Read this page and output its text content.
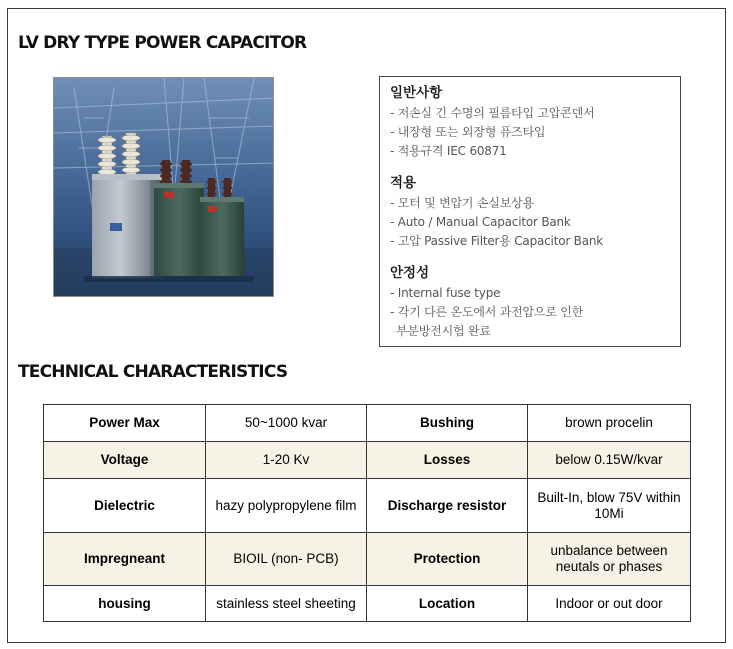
LV DRY TYPE POWER CAPACITOR
일반사항
- 저손실 긴 수명의 필름타입 고압콘덴서
- 내장형 또는 외장형 퓨즈타입
- 적용규격 IEC 60871
적용
- 모터 및 변압기 손실보상용
- Auto / Manual Capacitor Bank
- 고압 Passive Filter용 Capacitor Bank
안정성
- Internal fuse type
- 각기 다른 온도에서 과전압으로 인한
부분방전시험 완료
TECHNICAL CHARACTERISTICS
Power Max	50~1000 kvar	Bushing	brown procelin
Voltage	1-20 Kv	Losses	below 0.15W/kvar
Dielectric	hazy polypropylene film	Discharge resistor	Built-In, blow 75V within 10Mi
Impregneant	BIOIL (non- PCB)	Protection	unbalance between neutals or phases
housing	stainless steel sheeting	Location	Indoor or out door
